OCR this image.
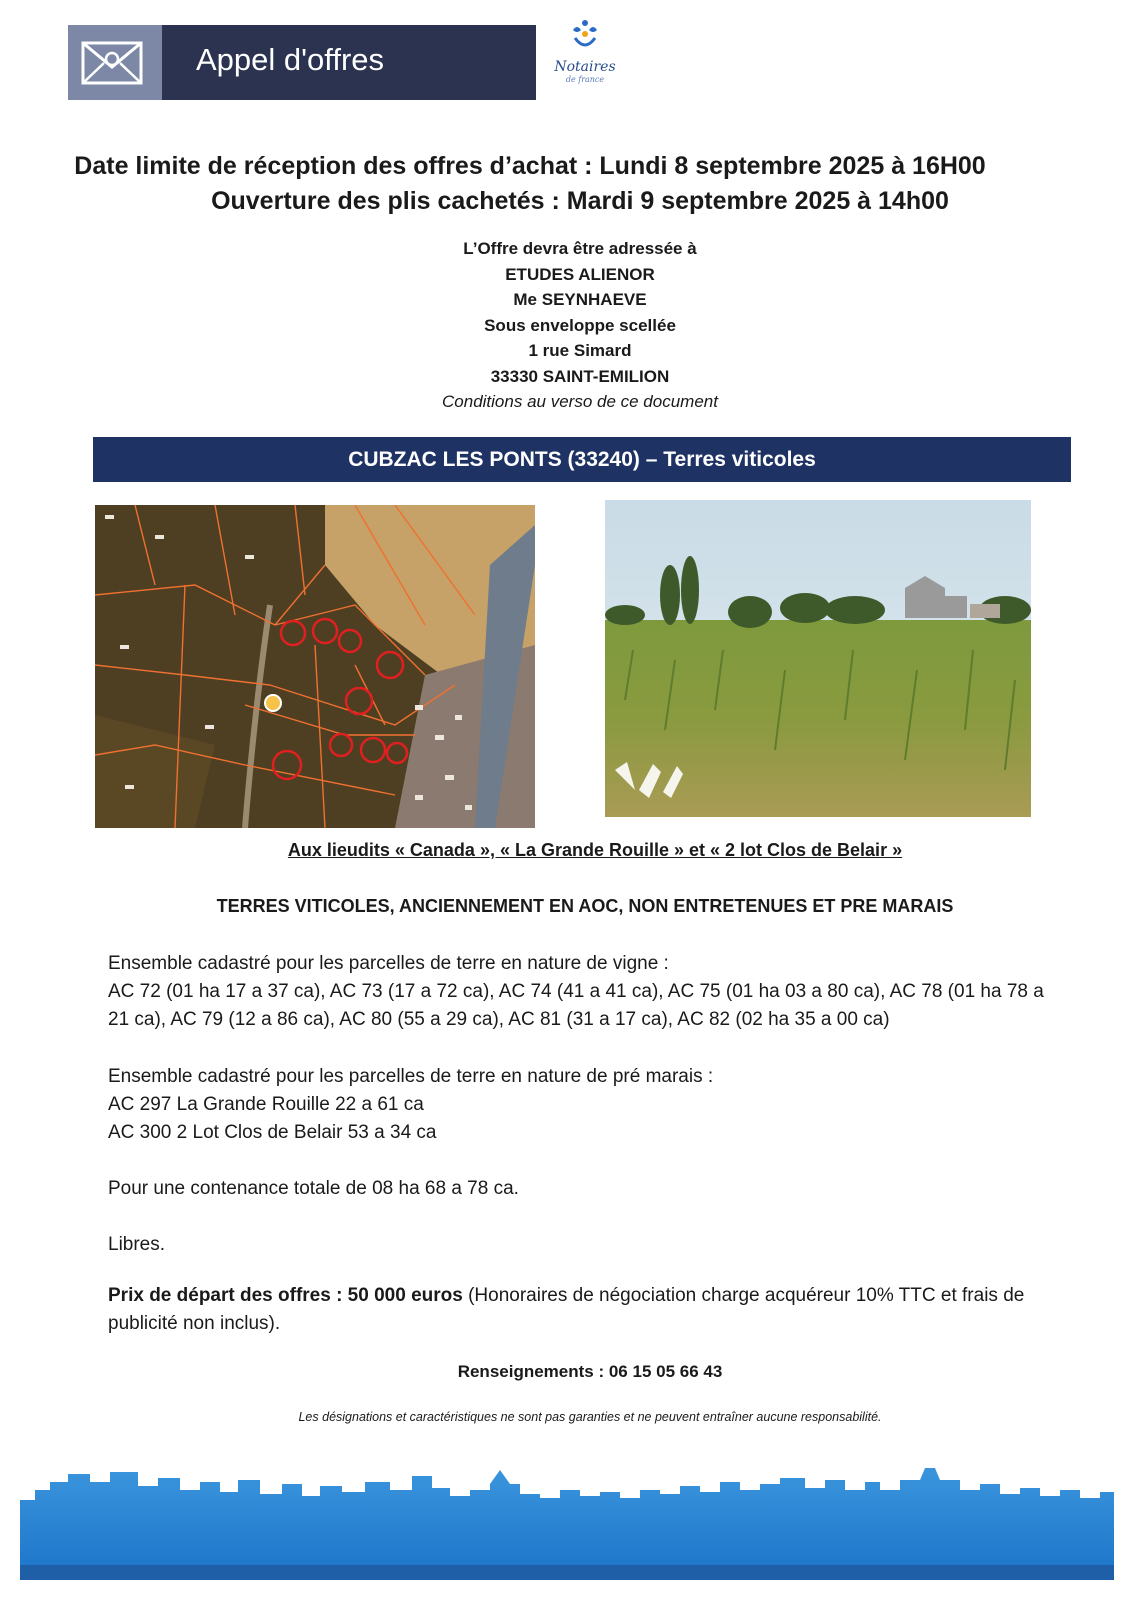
Appel d'offres	Notaires
de france
Date limite de réception des offres d’achat : Lundi 8 septembre 2025 à 16H00
Ouverture des plis cachetés : Mardi 9 septembre 2025 à 14h00
L’Offre devra être adressée à
ETUDES ALIENOR
Me SEYNHAEVE
Sous enveloppe scellée
1 rue Simard
33330 SAINT-EMILION
Conditions au verso de ce document
CUBZAC LES PONTS (33240) – Terres viticoles
Aux lieudits « Canada », « La Grande Rouille » et « 2 lot Clos de Belair »
TERRES VITICOLES, ANCIENNEMENT EN AOC, NON ENTRETENUES ET PRE MARAIS
Ensemble cadastré pour les parcelles de terre en nature de vigne :
AC 72 (01 ha 17 a 37 ca), AC 73 (17 a 72 ca), AC 74 (41 a 41 ca), AC 75 (01 ha 03 a 80 ca), AC 78 (01 ha 78 a 21 ca), AC 79 (12 a 86 ca), AC 80 (55 a 29 ca), AC 81 (31 a 17 ca), AC 82 (02 ha 35 a 00 ca)
Ensemble cadastré pour les parcelles de terre en nature de pré marais :
AC 297 La Grande Rouille 22 a 61 ca
AC 300 2 Lot Clos de Belair 53 a 34 ca
Pour une contenance totale de 08 ha 68 a 78 ca.
Libres.
Prix de départ des offres : 50 000 euros (Honoraires de négociation charge acquéreur 10% TTC et frais de publicité non inclus).
Renseignements : 06 15 05 66 43
Les désignations et caractéristiques ne sont pas garanties et ne peuvent entraîner aucune responsabilité.
